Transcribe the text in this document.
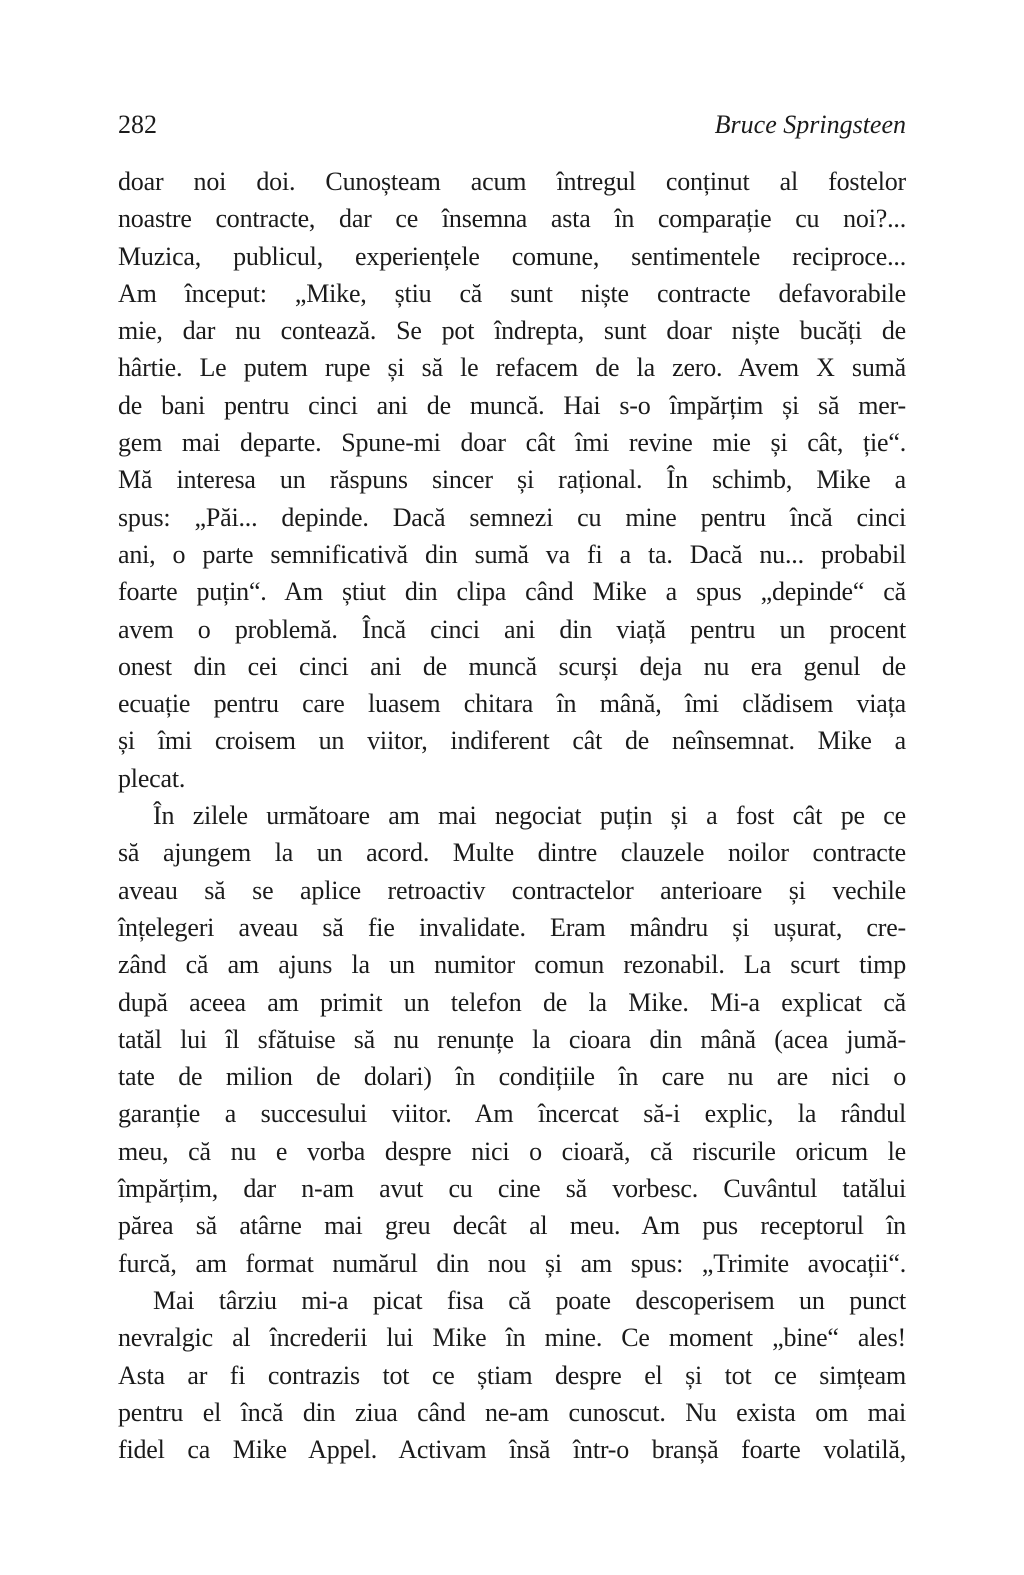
282	Bruce Springsteen
doar noi doi. Cunoșteam acum întregul conținut al fostelor
noastre contracte, dar ce însemna asta în comparație cu noi?...
Muzica, publicul, experiențele comune, sentimentele reciproce...
Am început: „Mike, știu că sunt niște contracte defavorabile
mie, dar nu contează. Se pot îndrepta, sunt doar niște bucăți de
hârtie. Le putem rupe și să le refacem de la zero. Avem X sumă
de bani pentru cinci ani de muncă. Hai s-o împărțim și să mer-
gem mai departe. Spune-mi doar cât îmi revine mie și cât, ție“.
Mă interesa un răspuns sincer și rațional. În schimb, Mike a
spus: „Păi... depinde. Dacă semnezi cu mine pentru încă cinci
ani, o parte semnificativă din sumă va fi a ta. Dacă nu... probabil
foarte puțin“. Am știut din clipa când Mike a spus „depinde“ că
avem o problemă. Încă cinci ani din viață pentru un procent
onest din cei cinci ani de muncă scurși deja nu era genul de
ecuație pentru care luasem chitara în mână, îmi clădisem viața
și îmi croisem un viitor, indiferent cât de neînsemnat. Mike a
plecat.
În zilele următoare am mai negociat puțin și a fost cât pe ce
să ajungem la un acord. Multe dintre clauzele noilor contracte
aveau să se aplice retroactiv contractelor anterioare și vechile
înțelegeri aveau să fie invalidate. Eram mândru și ușurat, cre-
zând că am ajuns la un numitor comun rezonabil. La scurt timp
după aceea am primit un telefon de la Mike. Mi-a explicat că
tatăl lui îl sfătuise să nu renunțe la cioara din mână (acea jumă-
tate de milion de dolari) în condițiile în care nu are nici o
garanție a succesului viitor. Am încercat să-i explic, la rândul
meu, că nu e vorba despre nici o cioară, că riscurile oricum le
împărțim, dar n-am avut cu cine să vorbesc. Cuvântul tatălui
părea să atârne mai greu decât al meu. Am pus receptorul în
furcă, am format numărul din nou și am spus: „Trimite avocații“.
Mai târziu mi-a picat fisa că poate descoperisem un punct
nevralgic al încrederii lui Mike în mine. Ce moment „bine“ ales!
Asta ar fi contrazis tot ce știam despre el și tot ce simțeam
pentru el încă din ziua când ne-am cunoscut. Nu exista om mai
fidel ca Mike Appel. Activam însă într-o branșă foarte volatilă,
